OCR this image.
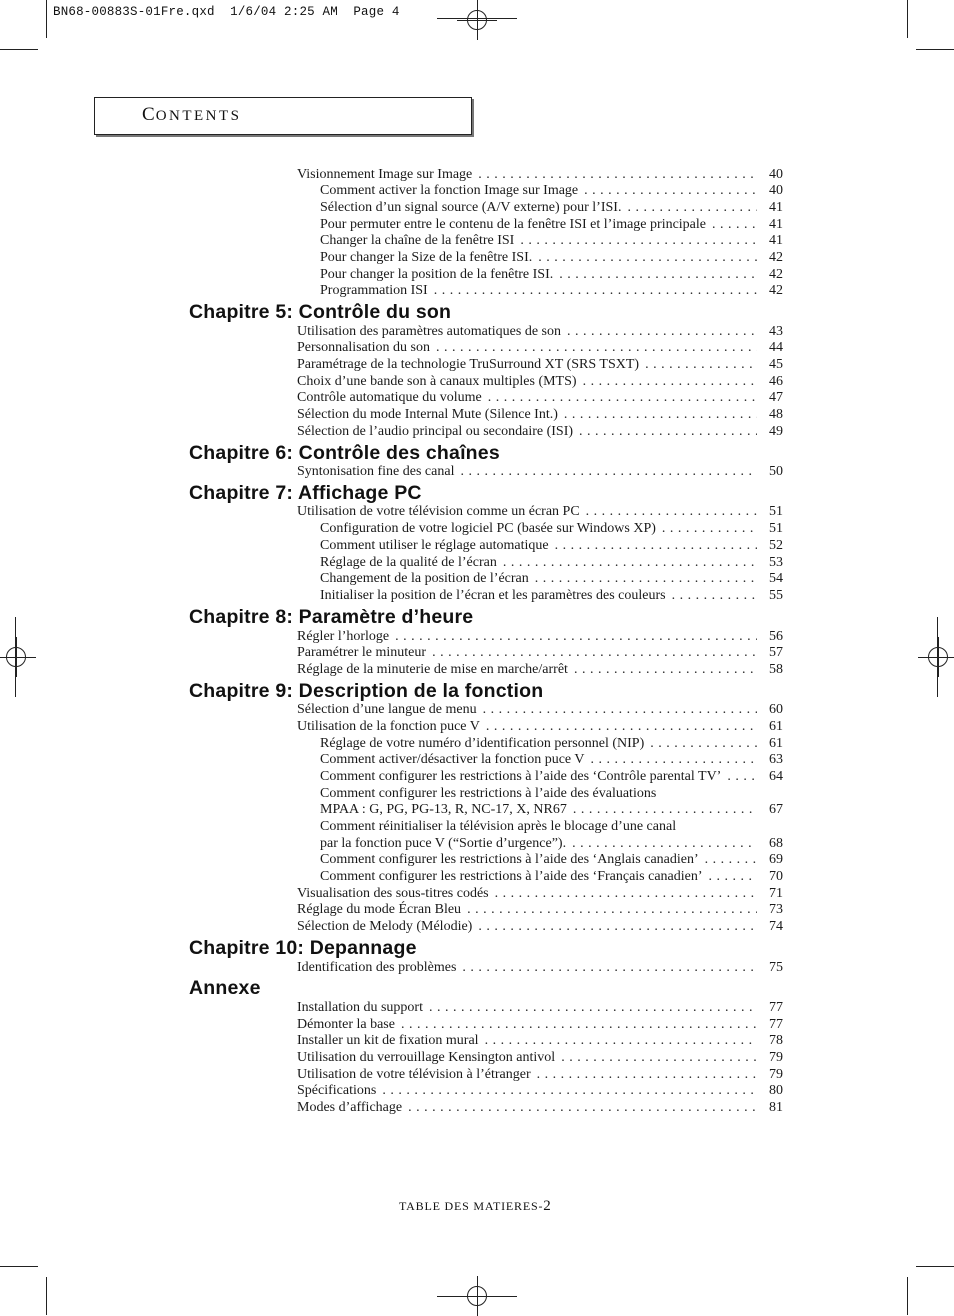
BN68-00883S-01Fre.qxd  1/6/04 2:25 AM  Page 4
CONTENTS
Chapitre 5: Contrôle du son
Chapitre 6: Contrôle des chaînes
Chapitre 7: Affichage PC
Chapitre 8: Paramètre d’heure
Chapitre 9: Description de la fonction
Chapitre 10: Depannage
Annexe
Visionnement Image sur Image . . .	40
Comment activer la fonction Image sur Image . . .	40
Sélection d’un signal source (A/V externe) pour l’ISI. . . .	41
Pour permuter entre le contenu de la fenêtre ISI et l’image principale . . .	41
Changer la chaîne de la fenêtre ISI . . .	41
Pour changer la Size de la fenêtre ISI. . . .	42
Pour changer la position de la fenêtre ISI. . . .	42
Programmation ISI . . .	42
Utilisation des paramètres automatiques de son . . .	43
Personnalisation du son . . .	44
Paramétrage de la technologie TruSurround XT (SRS TSXT) . . .	45
Choix d’une bande son à canaux multiples (MTS) . . .	46
Contrôle automatique du volume . . .	47
Sélection du mode Internal Mute (Silence Int.) . . .	48
Sélection de l’audio principal ou secondaire (ISI) . . .	49
Syntonisation fine des canal . . .	50
Utilisation de votre télévision comme un écran PC . . .	51
Configuration de votre logiciel PC (basée sur Windows XP) . . .	51
Comment utiliser le réglage automatique . . .	52
Réglage de la qualité de l’écran . . .	53
Changement de la position de l’écran . . .	54
Initialiser la position de l’écran et les paramètres des couleurs . . .	55
Régler l’horloge . . .	56
Paramétrer le minuteur . . .	57
Réglage de la minuterie de mise en marche/arrêt . . .	58
Sélection d’une langue de menu . . .	60
Utilisation de la fonction puce V . . .	61
Réglage de votre numéro d’identification personnel (NIP) . . .	61
Comment activer/désactiver la fonction puce V . . .	63
Comment configurer les restrictions à l’aide des ‘Contrôle parental TV’ . . .	64
Comment configurer les restrictions à l’aide des évaluations
MPAA : G, PG, PG-13, R, NC-17, X, NR67 . . .	67
Comment réinitialiser la télévision après le blocage d’une canal
par la fonction puce V (“Sortie d’urgence”). . . .	68
Comment configurer les restrictions à l’aide des ‘Anglais canadien’ . . .	69
Comment configurer les restrictions à l’aide des ‘Français canadien’ . . .	70
Visualisation des sous-titres codés . . .	71
Réglage du mode Écran Bleu . . .	73
Sélection de Melody (Mélodie) . . .	74
Identification des problèmes . . .	75
Installation du support . . .	77
Démonter la base . . .	77
Installer un kit de fixation mural . . .	78
Utilisation du verrouillage Kensington antivol . . .	79
Utilisation de votre télévision à l’étranger . . .	79
Spécifications . . .	80
Modes d’affichage . . .	81
TABLE DES MATIERES-2
